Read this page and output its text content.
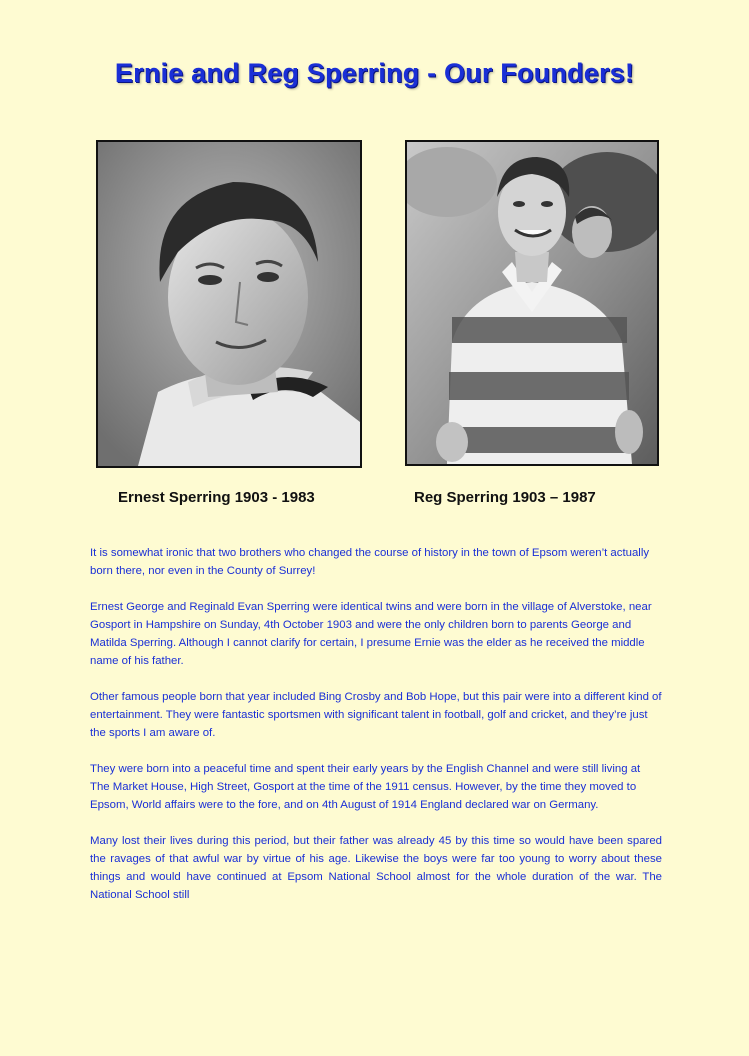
Ernie and Reg Sperring - Our Founders!
Ernest Sperring 1903 - 1983	Reg Sperring 1903 – 1987

It is somewhat ironic that two brothers who changed the course of history in the town of Epsom weren’t actually born there, nor even in the County of Surrey!

Ernest George and Reginald Evan Sperring were identical twins and were born in the village of Alverstoke, near Gosport in Hampshire on Sunday, 4th October 1903 and were the only children born to parents George and Matilda Sperring. Although I cannot clarify for certain, I presume Ernie was the elder as he received the middle name of his father.

Other famous people born that year included Bing Crosby and Bob Hope, but this pair were into a different kind of entertainment. They were fantastic sportsmen with significant talent in football, golf and cricket, and they’re just the sports I am aware of.

They were born into a peaceful time and spent their early years by the English Channel and were still living at The Market House, High Street, Gosport at the time of the 1911 census. However, by the time they moved to Epsom, World affairs were to the fore, and on 4th August of 1914 England declared war on Germany.

Many lost their lives during this period, but their father was already 45 by this time so would have been spared the ravages of that awful war by virtue of his age. Likewise the boys were far too young to worry about these things and would have continued at Epsom National School almost for the whole duration of the war. The National School still
